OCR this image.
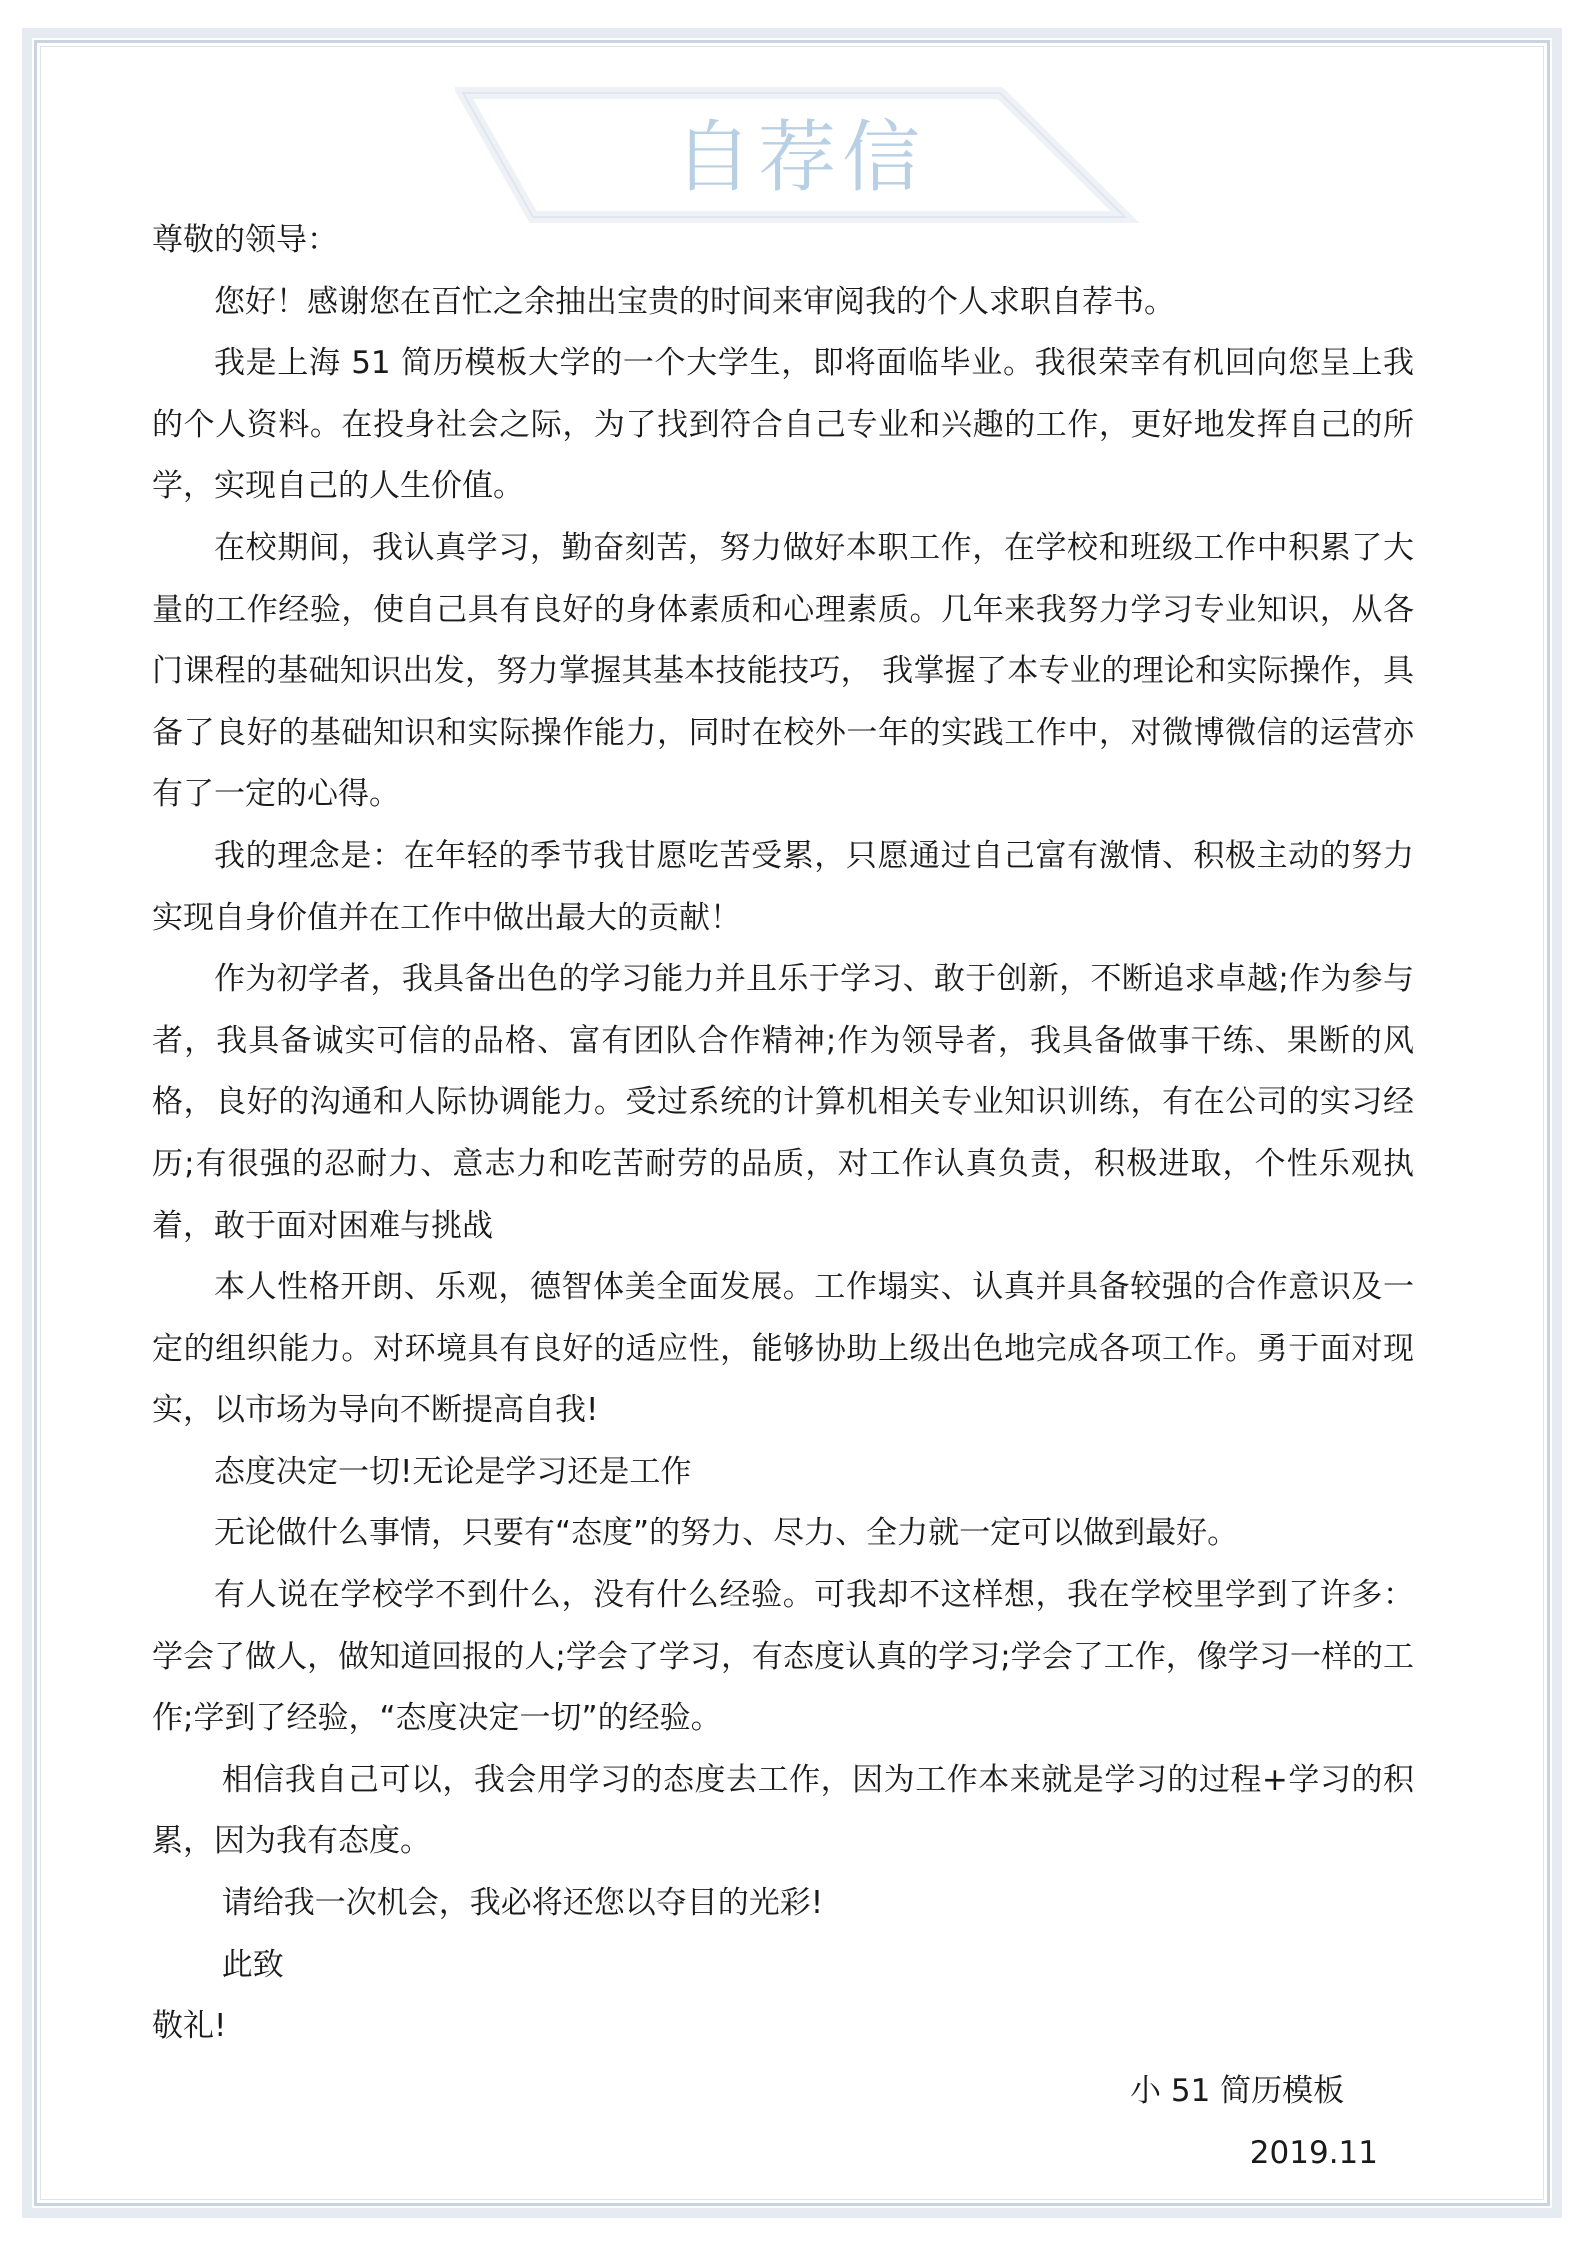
自荐信

尊敬的领导：

您好！感谢您在百忙之余抽出宝贵的时间来审阅我的个人求职自荐书。

我是上海 51 简历模板大学的一个大学生，即将面临毕业。我很荣幸有机回向您呈上我的个人资料。在投身社会之际，为了找到符合自己专业和兴趣的工作，更好地发挥自己的所学，实现自己的人生价值。

在校期间，我认真学习，勤奋刻苦，努力做好本职工作，在学校和班级工作中积累了大量的工作经验，使自己具有良好的身体素质和心理素质。几年来我努力学习专业知识，从各门课程的基础知识出发，努力掌握其基本技能技巧， 我掌握了本专业的理论和实际操作，具备了良好的基础知识和实际操作能力，同时在校外一年的实践工作中，对微博微信的运营亦有了一定的心得。

我的理念是：在年轻的季节我甘愿吃苦受累，只愿通过自己富有激情、积极主动的努力实现自身价值并在工作中做出最大的贡献！

作为初学者，我具备出色的学习能力并且乐于学习、敢于创新，不断追求卓越;作为参与者，我具备诚实可信的品格、富有团队合作精神;作为领导者，我具备做事干练、果断的风格，良好的沟通和人际协调能力。受过系统的计算机相关专业知识训练，有在公司的实习经历;有很强的忍耐力、意志力和吃苦耐劳的品质，对工作认真负责，积极进取，个性乐观执着，敢于面对困难与挑战

本人性格开朗、乐观，德智体美全面发展。工作塌实、认真并具备较强的合作意识及一定的组织能力。对环境具有良好的适应性，能够协助上级出色地完成各项工作。勇于面对现实，以市场为导向不断提高自我!

态度决定一切!无论是学习还是工作

无论做什么事情，只要有“态度”的努力、尽力、全力就一定可以做到最好。

有人说在学校学不到什么，没有什么经验。可我却不这样想，我在学校里学到了许多：学会了做人，做知道回报的人;学会了学习，有态度认真的学习;学会了工作，像学习一样的工作;学到了经验，“态度决定一切”的经验。

相信我自己可以，我会用学习的态度去工作，因为工作本来就是学习的过程+学习的积累，因为我有态度。

请给我一次机会，我必将还您以夺目的光彩!

此致

敬礼!

小 51 简历模板
2019.11
